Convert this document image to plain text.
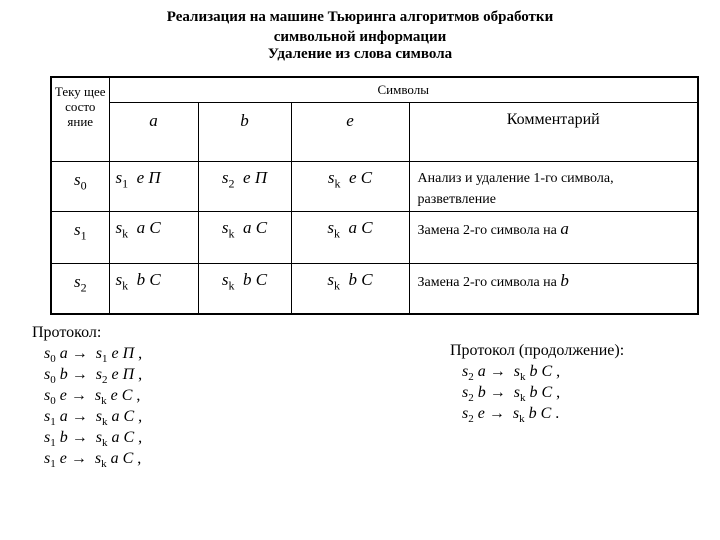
Реализация на машине Тьюринга алгоритмов обработки
символьной информации
Удаление из слова символа
Теку щее состо яние	Символы			
	a	b	e	Комментарий
$s_0$	$s_1$ e П	$s_2$ e П	$s_k$ e C	Анализ и удаление 1-го символа, разветвление
$s_1$	$s_k$ a C	$s_k$ a C	$s_k$ a C	Замена 2-го символа на a
$s_2$	$s_k$ b C	$s_k$ b C	$s_k$ b C	Замена 2-го символа на b
Протокол:
$s_0$ $a \to s_1$ e П ,
$s_0$ $b \to s_2$ e П ,
$s_0$ $e \to s_k$ e C ,
$s_1$ $a \to s_k$ a C ,
$s_1$ $b \to s_k$ a C ,
$s_1$ $e \to s_k$ a C ,
Протокол (продолжение):
$s_2$ $a \to s_k$ b C ,
$s_2$ $b \to s_k$ b C ,
$s_2$ $e \to s_k$ b C .
